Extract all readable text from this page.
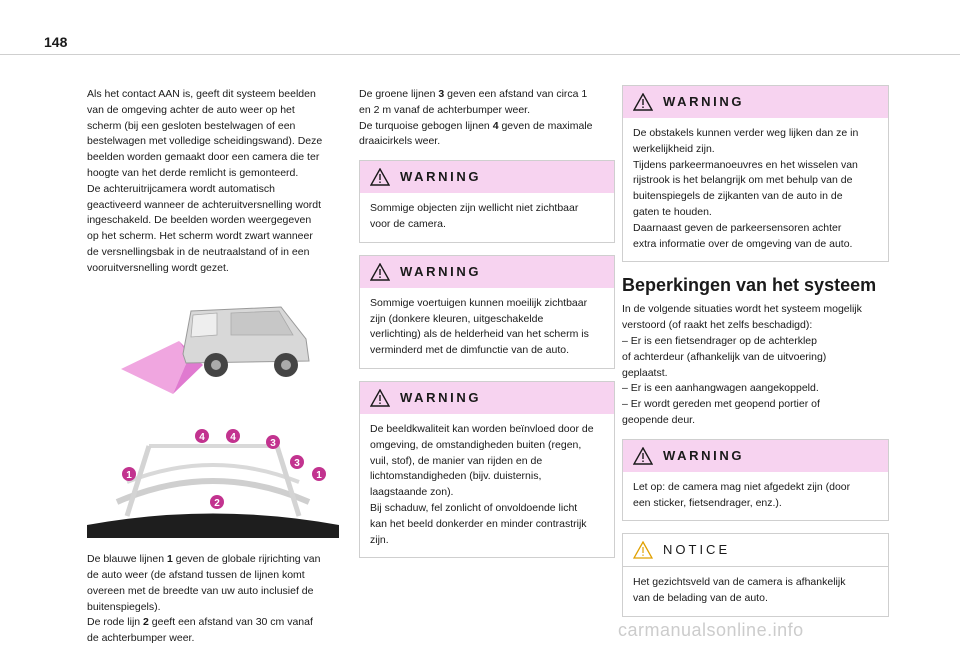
148

Als het contact AAN is, geeft dit systeem beelden
van de omgeving achter de auto weer op het
scherm (bij een gesloten bestelwagen of een
bestelwagen met volledige scheidingswand). Deze
beelden worden gemaakt door een camera die ter
hoogte van het derde remlicht is gemonteerd.
De achteruitrijcamera wordt automatisch
geactiveerd wanneer de achteruitversnelling wordt
ingeschakeld. De beelden worden weergegeven
op het scherm. Het scherm wordt zwart wanneer
de versnellingsbak in de neutraalstand of in een
vooruitversnelling wordt gezet.

4	4
3
3
1	1
2

De blauwe lijnen 1 geven de globale rijrichting van
de auto weer (de afstand tussen de lijnen komt
overeen met de breedte van uw auto inclusief de
buitenspiegels).
De rode lijn 2 geeft een afstand van 30 cm vanaf
de achterbumper weer.

De groene lijnen 3 geven een afstand van circa 1
en 2 m vanaf de achterbumper weer.
De turquoise gebogen lijnen 4 geven de maximale
draaicirkels weer.

WARNING
Sommige objecten zijn wellicht niet zichtbaar
voor de camera.
WARNING
Sommige voertuigen kunnen moeilijk zichtbaar
zijn (donkere kleuren, uitgeschakelde
verlichting) als de helderheid van het scherm is
verminderd met de dimfunctie van de auto.
WARNING
De beeldkwaliteit kan worden beïnvloed door de
omgeving, de omstandigheden buiten (regen,
vuil, stof), de manier van rijden en de
lichtomstandigheden (bijv. duisternis,
laagstaande zon).
Bij schaduw, fel zonlicht of onvoldoende licht
kan het beeld donkerder en minder contrastrijk
zijn.
WARNING
De obstakels kunnen verder weg lijken dan ze in
werkelijkheid zijn.
Tijdens parkeermanoeuvres en het wisselen van
rijstrook is het belangrijk om met behulp van de
buitenspiegels de zijkanten van de auto in de
gaten te houden.
Daarnaast geven de parkeersensoren achter
extra informatie over de omgeving van de auto.
Beperkingen van het systeem

In de volgende situaties wordt het systeem mogelijk
verstoord (of raakt het zelfs beschadigd):
– Er is een fietsendrager op de achterklep
of achterdeur (afhankelijk van de uitvoering)
geplaatst.
– Er is een aanhangwagen aangekoppeld.
– Er wordt gereden met geopend portier of
geopende deur.

WARNING
Let op: de camera mag niet afgedekt zijn (door
een sticker, fietsendrager, enz.).
NOTICE
Het gezichtsveld van de camera is afhankelijk
van de belading van de auto.
carmanualsonline.info
